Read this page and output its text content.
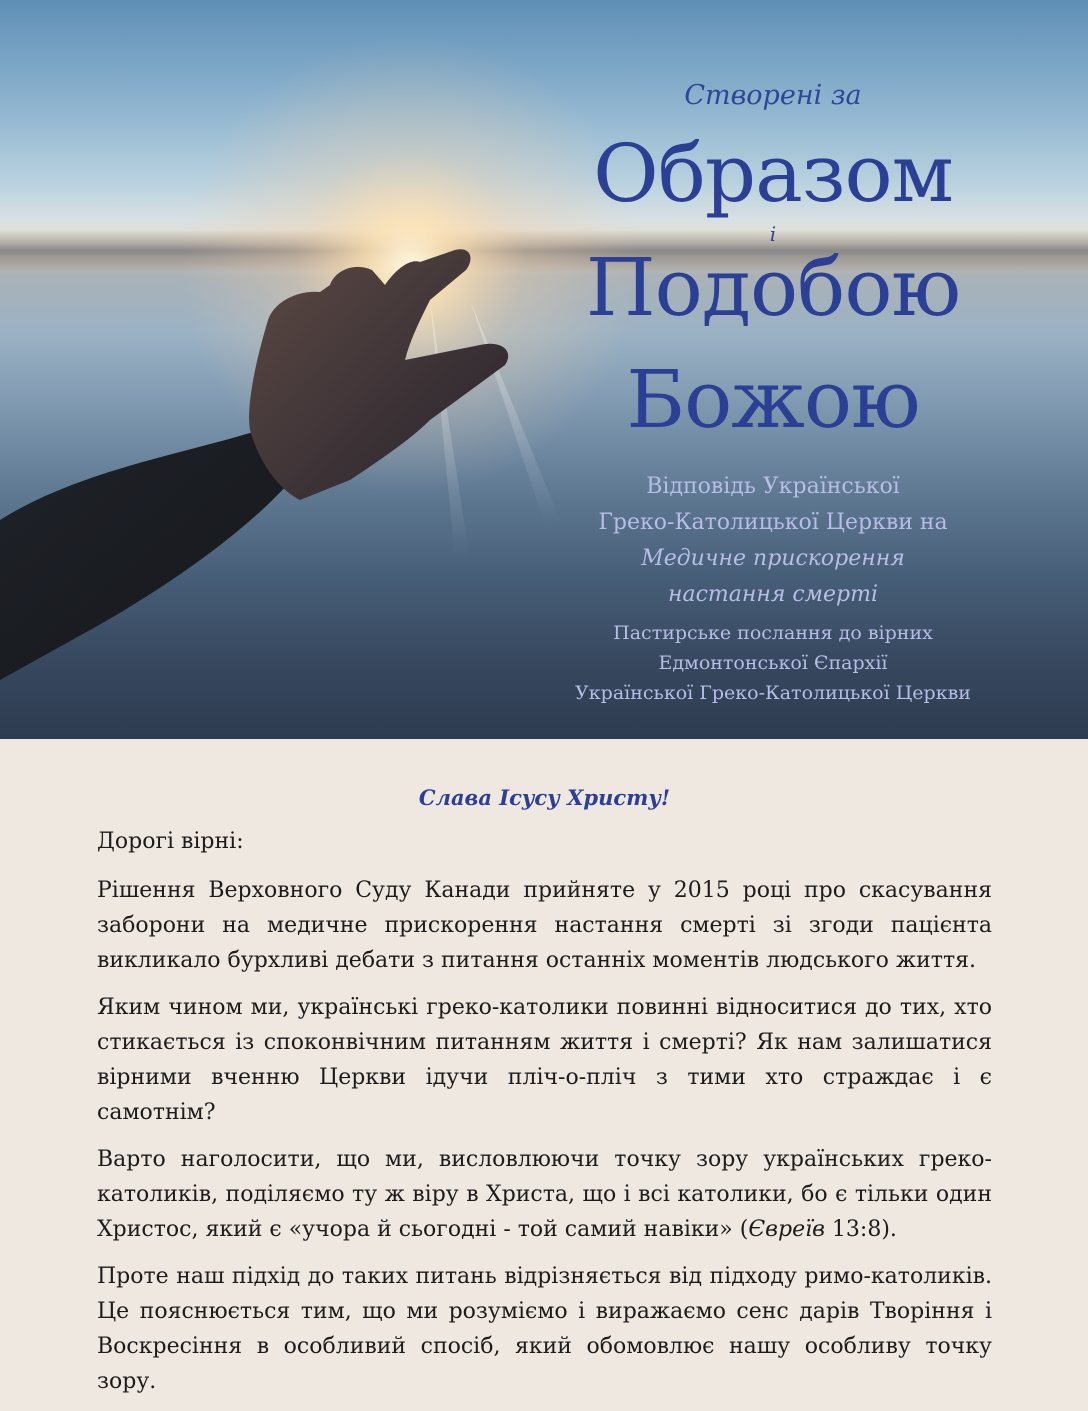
Створені за
Образом
і
Подобою
Божою
Відповідь Української
Греко-Католицької Церкви на
Медичне прискорення
настання смерті
Пастирське послання до вірних
Едмонтонської Єпархії
Української Греко-Католицької Церкви
Слава Ісусу Христу!

Дорогі вірні:

Рішення Верховного Суду Канади прийняте у 2015 році про скасування заборони на медичне прискорення настання смерті зі згоди пацієнта викликало бурхливі дебати з питання останніх моментів людського життя.

Яким чином ми, українські греко-католики повинні відноситися до тих, хто стикається із споконвічним питанням життя і смерті? Як нам залишатися вірними вченню Церкви ідучи пліч-о-пліч з тими хто страждає і є самотнім?

Варто наголосити, що ми, висловлюючи точку зору українських греко-католиків, поділяємо ту ж віру в Христа, що і всі католики, бо є тільки один Христос, який є «учора й сьогодні - той самий навіки» (Євреїв 13:8).

Проте наш підхід до таких питань відрізняється від підходу римо-католиків. Це пояснюється тим, що ми розуміємо і виражаємо сенс дарів Творіння і Воскресіння в особливий спосіб, який обомовлює нашу особливу точку зору.
